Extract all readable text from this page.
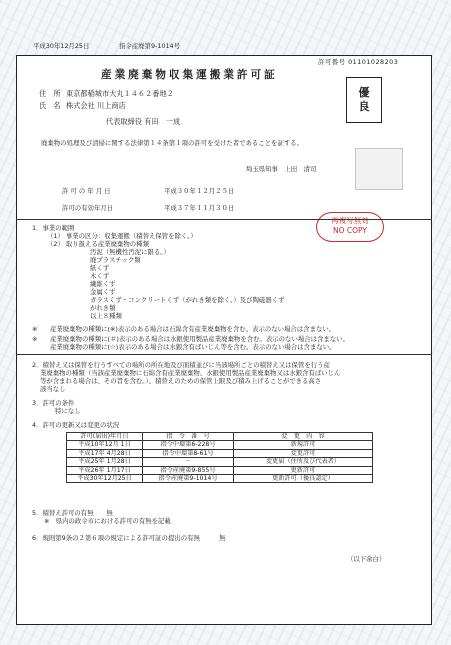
平成30年12月25日	指令産廃第9-1014号
許可番号 01101028203
産業廃棄物収集運搬業許可証
優
良
住　所 東京都稲城市大丸１４６２番地２
氏　名 株式会社 川上商店
代表取締役 有田　一成
廃棄物の処理及び清掃に関する法律第１４条第１項の許可を受けた者であることを証する。
埼玉県知事　上田　清司
許 可 の 年 月 日	平成３０年１２月２５日
許可の有効年月日	平成３７年１１月３０日
再複写無効
NO COPY
1．事業の範囲
（1） 事業の区分：収集運搬（積替え保管を除く。）
（2） 取り扱える産業廃棄物の種類
汚泥（無機性汚泥に限る。）
廃プラスチック類
紙くず
木くず
繊維くず
金属くず
ガラスくず・コンクリートくず（がれき類を除く。）及び陶磁器くず
がれき類
以上８種類
※ 産業廃棄物の種類に(※)表示のある場合は石綿含有産業廃棄物を含む。表示のない場合は含まない。
※ 産業廃棄物の種類に(＃)表示のある場合は水銀使用製品産業廃棄物を含む。表示のない場合は含まない。
産業廃棄物の種類に(☆)表示のある場合は水銀含有ばいじん等を含む。表示のない場合は含まない。
2．積替え又は保管を行うすべての場所の所在地及び面積並びに当該場所ごとの積替え又は保管を行う産
業廃棄物の種類（当該産業廃棄物に石綿含有産業廃棄物、水銀使用製品産業廃棄物又は水銀含有ばいじん
等が含まれる場合は、その旨を含む。）、積替えのための保管上限及び積み上げることができる高さ
該当なし
3．許可の条件
特になし
4．許可の更新又は変更の状況
許可(届出)年月日	指　令　番　号	変　更　内　容
平成10年12月 1日	指令中環第6-228号	新規許可
平成17年 4月28日	指令中環第8-61号	変更許可
平成25年 1月28日	－	変更届（住所及び代表者）
平成26年 1月17日	指令産廃第9-855号	更新許可
平成30年12月25日	指令産廃第9-1014号	更新許可（優良認定）
5．積替え許可の有無　　無
※　県内の政令市における許可の有無を記載
6．規則第9条の２第６項の規定による許可証の提出の有無　　　無
（以下余白）
